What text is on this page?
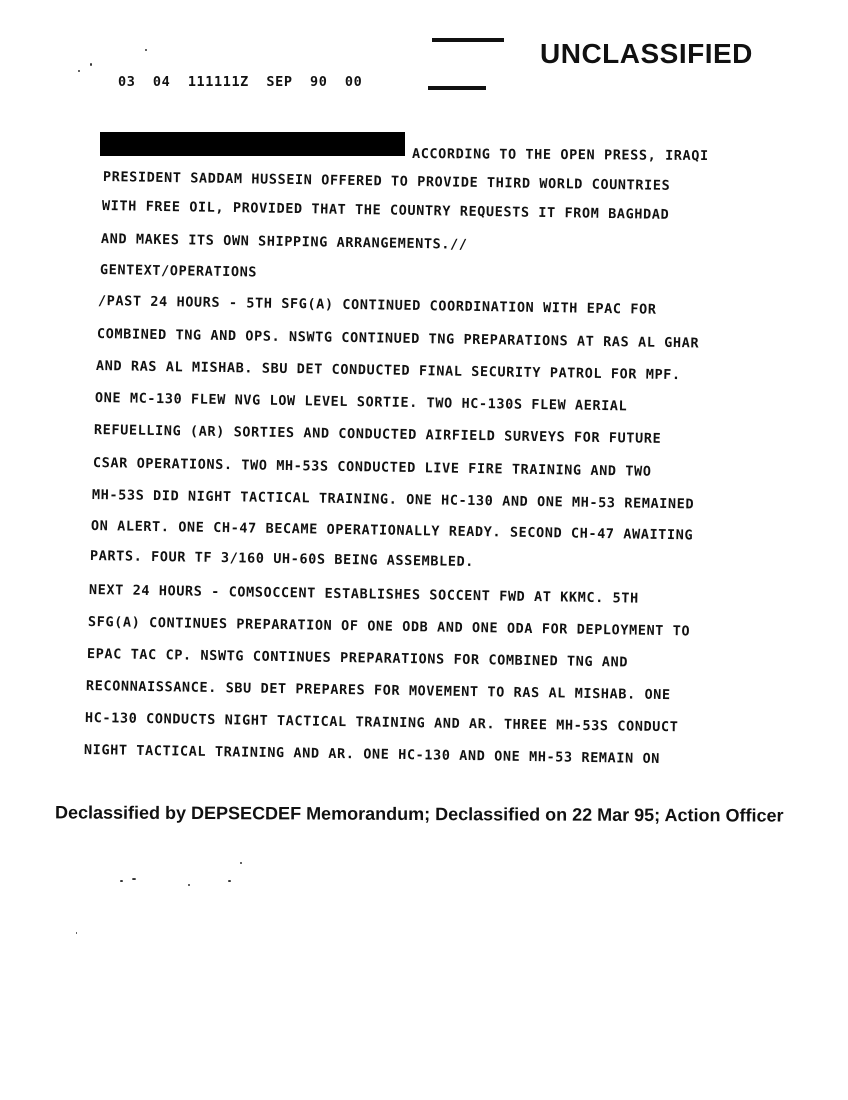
UNCLASSIFIED
03  04  111111Z  SEP  90  00
ACCORDING TO THE OPEN PRESS, IRAQI
PRESIDENT SADDAM HUSSEIN OFFERED TO PROVIDE THIRD WORLD COUNTRIES
WITH FREE OIL, PROVIDED THAT THE COUNTRY REQUESTS IT FROM BAGHDAD
AND MAKES ITS OWN SHIPPING ARRANGEMENTS.//
GENTEXT/OPERATIONS
/PAST 24 HOURS - 5TH SFG(A) CONTINUED COORDINATION WITH EPAC FOR
COMBINED TNG AND OPS. NSWTG CONTINUED TNG PREPARATIONS AT RAS AL GHAR
AND RAS AL MISHAB. SBU DET CONDUCTED FINAL SECURITY PATROL FOR MPF.
ONE MC-130 FLEW NVG LOW LEVEL SORTIE. TWO HC-130S FLEW AERIAL
REFUELLING (AR) SORTIES AND CONDUCTED AIRFIELD SURVEYS FOR FUTURE
CSAR OPERATIONS. TWO MH-53S CONDUCTED LIVE FIRE TRAINING AND TWO
MH-53S DID NIGHT TACTICAL TRAINING. ONE HC-130 AND ONE MH-53 REMAINED
ON ALERT. ONE CH-47 BECAME OPERATIONALLY READY. SECOND CH-47 AWAITING
PARTS. FOUR TF 3/160 UH-60S BEING ASSEMBLED.
NEXT 24 HOURS - COMSOCCENT ESTABLISHES SOCCENT FWD AT KKMC. 5TH
SFG(A) CONTINUES PREPARATION OF ONE ODB AND ONE ODA FOR DEPLOYMENT TO
EPAC TAC CP. NSWTG CONTINUES PREPARATIONS FOR COMBINED TNG AND
RECONNAISSANCE. SBU DET PREPARES FOR MOVEMENT TO RAS AL MISHAB. ONE
HC-130 CONDUCTS NIGHT TACTICAL TRAINING AND AR. THREE MH-53S CONDUCT
NIGHT TACTICAL TRAINING AND AR. ONE HC-130 AND ONE MH-53 REMAIN ON
Declassified by DEPSECDEF Memorandum; Declassified on 22 Mar 95; Action Officer
